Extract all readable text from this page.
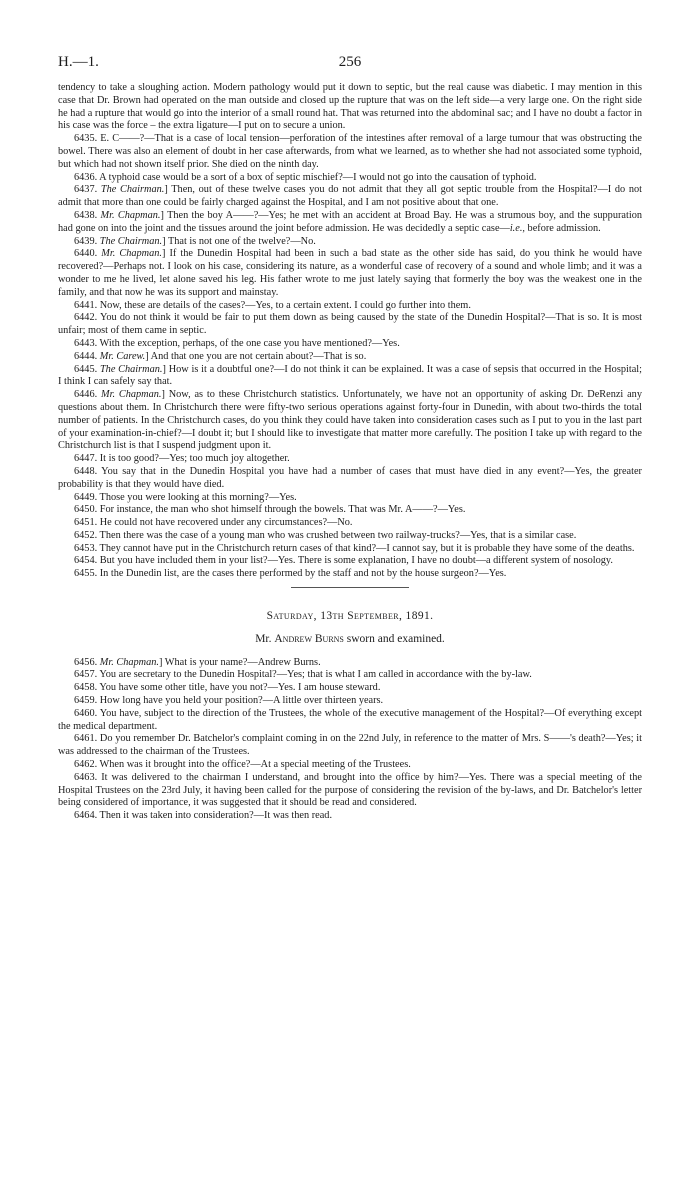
H.—1.	256

tendency to take a sloughing action. Modern pathology would put it down to septic, but the real cause was diabetic. I may mention in this case that Dr. Brown had operated on the man outside and closed up the rupture that was on the left side—a very large one. On the right side he had a rupture that would go into the interior of a small round hat. That was returned into the abdominal sac; and I have no doubt a factor in his case was the force – the extra ligature—I put on to secure a union.

6435. E. C——?—That is a case of local tension—perforation of the intestines after removal of a large tumour that was obstructing the bowel. There was also an element of doubt in her case afterwards, from what we learned, as to whether she had not associated some typhoid, but which had not shown itself prior. She died on the ninth day.

6436. A typhoid case would be a sort of a box of septic mischief?—I would not go into the causation of typhoid.

6437. The Chairman.] Then, out of these twelve cases you do not admit that they all got septic trouble from the Hospital?—I do not admit that more than one could be fairly charged against the Hospital, and I am not positive about that one.

6438. Mr. Chapman.] Then the boy A——?—Yes; he met with an accident at Broad Bay. He was a strumous boy, and the suppuration had gone on into the joint and the tissues around the joint before admission. He was decidedly a septic case—i.e., before admission.

6439. The Chairman.] That is not one of the twelve?—No.

6440. Mr. Chapman.] If the Dunedin Hospital had been in such a bad state as the other side has said, do you think he would have recovered?—Perhaps not. I look on his case, considering its nature, as a wonderful case of recovery of a sound and whole limb; and it was a wonder to me he lived, let alone saved his leg. His father wrote to me just lately saying that formerly the boy was the weakest one in the family, and that now he was its support and mainstay.

6441. Now, these are details of the cases?—Yes, to a certain extent. I could go further into them.

6442. You do not think it would be fair to put them down as being caused by the state of the Dunedin Hospital?—That is so. It is most unfair; most of them came in septic.

6443. With the exception, perhaps, of the one case you have mentioned?—Yes.

6444. Mr. Carew.] And that one you are not certain about?—That is so.

6445. The Chairman.] How is it a doubtful one?—I do not think it can be explained. It was a case of sepsis that occurred in the Hospital; I think I can safely say that.

6446. Mr. Chapman.] Now, as to these Christchurch statistics. Unfortunately, we have not an opportunity of asking Dr. DeRenzi any questions about them. In Christchurch there were fifty-two serious operations against forty-four in Dunedin, with about two-thirds the total number of patients. In the Christchurch cases, do you think they could have taken into consideration cases such as I put to you in the last part of your examination-in-chief?—I doubt it; but I should like to investigate that matter more carefully. The position I take up with regard to the Christchurch list is that I suspend judgment upon it.

6447. It is too good?—Yes; too much joy altogether.

6448. You say that in the Dunedin Hospital you have had a number of cases that must have died in any event?—Yes, the greater probability is that they would have died.

6449. Those you were looking at this morning?—Yes.

6450. For instance, the man who shot himself through the bowels. That was Mr. A——?—Yes.

6451. He could not have recovered under any circumstances?—No.

6452. Then there was the case of a young man who was crushed between two railway-trucks?—Yes, that is a similar case.

6453. They cannot have put in the Christchurch return cases of that kind?—I cannot say, but it is probable they have some of the deaths.

6454. But you have included them in your list?—Yes. There is some explanation, I have no doubt—a different system of nosology.

6455. In the Dunedin list, are the cases there performed by the staff and not by the house surgeon?—Yes.

Saturday, 13th September, 1891.
Mr. Andrew Burns sworn and examined.

6456. Mr. Chapman.] What is your name?—Andrew Burns.

6457. You are secretary to the Dunedin Hospital?—Yes; that is what I am called in accordance with the by-law.

6458. You have some other title, have you not?—Yes. I am house steward.

6459. How long have you held your position?—A little over thirteen years.

6460. You have, subject to the direction of the Trustees, the whole of the executive management of the Hospital?—Of everything except the medical department.

6461. Do you remember Dr. Batchelor's complaint coming in on the 22nd July, in reference to the matter of Mrs. S——'s death?—Yes; it was addressed to the chairman of the Trustees.

6462. When was it brought into the office?—At a special meeting of the Trustees.

6463. It was delivered to the chairman I understand, and brought into the office by him?—Yes. There was a special meeting of the Hospital Trustees on the 23rd July, it having been called for the purpose of considering the revision of the by-laws, and Dr. Batchelor's letter being considered of importance, it was suggested that it should be read and considered.

6464. Then it was taken into consideration?—It was then read.
